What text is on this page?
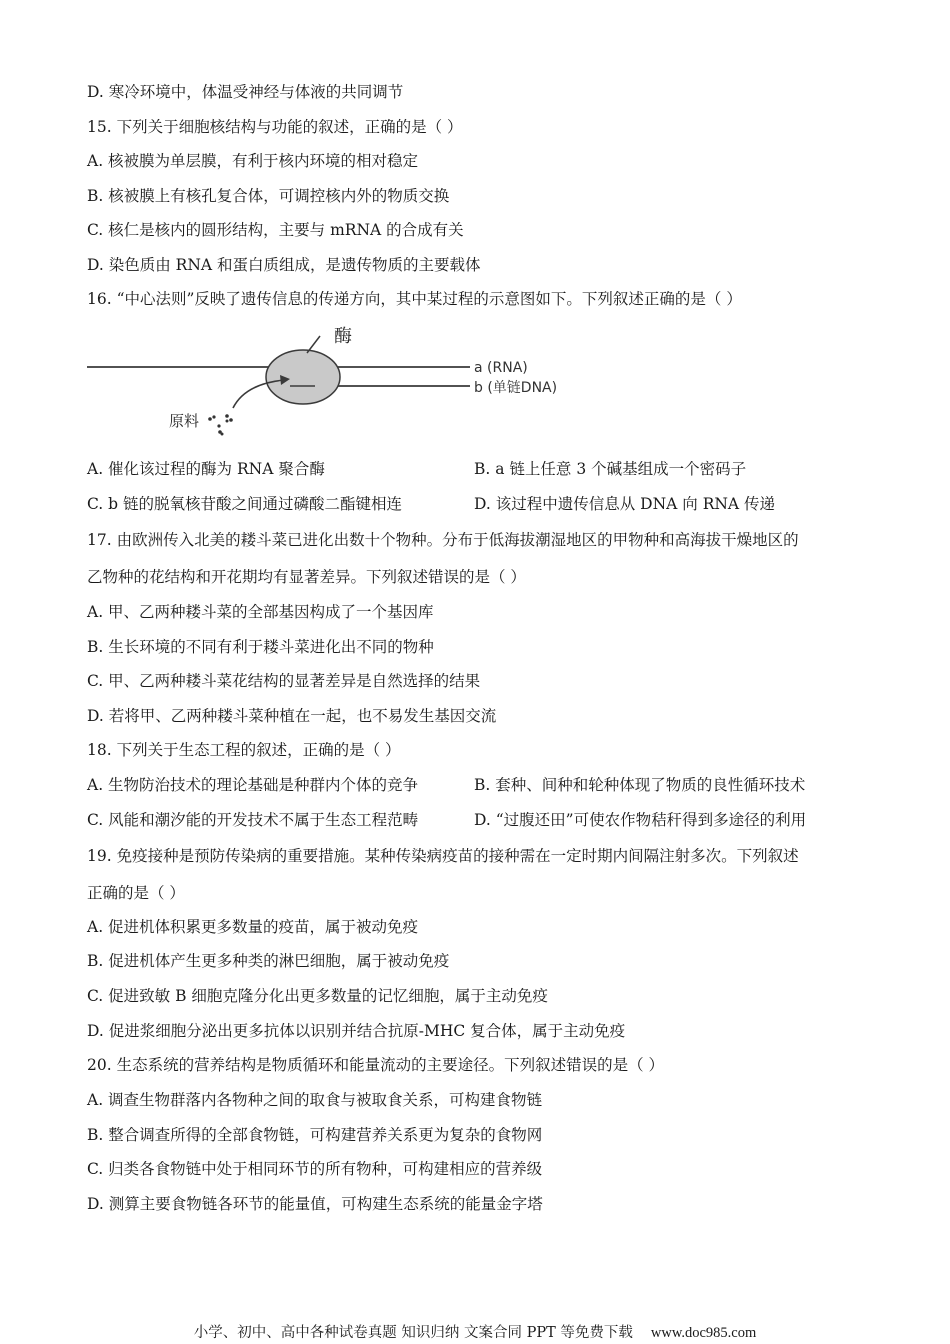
D. 寒冷环境中，体温受神经与体液的共同调节
15. 下列关于细胞核结构与功能的叙述，正确的是（ ）
A. 核被膜为单层膜，有利于核内环境的相对稳定
B. 核被膜上有核孔复合体，可调控核内外的物质交换
C. 核仁是核内的圆形结构，主要与 mRNA 的合成有关
D. 染色质由 RNA 和蛋白质组成，是遗传物质的主要载体
16. “中心法则”反映了遗传信息的传递方向，其中某过程的示意图如下。下列叙述正确的是（ ）
酶
a (RNA)
b (单链DNA)
原料
A. 催化该过程的酶为 RNA 聚合酶	B. a 链上任意 3 个碱基组成一个密码子
C. b 链的脱氧核苷酸之间通过磷酸二酯键相连	D. 该过程中遗传信息从 DNA 向 RNA 传递
17. 由欧洲传入北美的耧斗菜已进化出数十个物种。分布于低海拔潮湿地区的甲物种和高海拔干燥地区的
乙物种的花结构和开花期均有显著差异。下列叙述错误的是（ ）
A. 甲、乙两种耧斗菜的全部基因构成了一个基因库
B. 生长环境的不同有利于耧斗菜进化出不同的物种
C. 甲、乙两种耧斗菜花结构的显著差异是自然选择的结果
D. 若将甲、乙两种耧斗菜种植在一起，也不易发生基因交流
18. 下列关于生态工程的叙述，正确的是（ ）
A. 生物防治技术的理论基础是种群内个体的竞争	B. 套种、间种和轮种体现了物质的良性循环技术
C. 风能和潮汐能的开发技术不属于生态工程范畴	D. “过腹还田”可使农作物秸秆得到多途径的利用
19. 免疫接种是预防传染病的重要措施。某种传染病疫苗的接种需在一定时期内间隔注射多次。下列叙述
正确的是（ ）
A. 促进机体积累更多数量的疫苗，属于被动免疫
B. 促进机体产生更多种类的淋巴细胞，属于被动免疫
C. 促进致敏 B 细胞克隆分化出更多数量的记忆细胞，属于主动免疫
D. 促进浆细胞分泌出更多抗体以识别并结合抗原-MHC 复合体，属于主动免疫
20. 生态系统的营养结构是物质循环和能量流动的主要途径。下列叙述错误的是（ ）
A. 调查生物群落内各物种之间的取食与被取食关系，可构建食物链
B. 整合调查所得的全部食物链，可构建营养关系更为复杂的食物网
C. 归类各食物链中处于相同环节的所有物种，可构建相应的营养级
D. 测算主要食物链各环节的能量值，可构建生态系统的能量金字塔
小学、初中、高中各种试卷真题 知识归纳 文案合同 PPT 等免费下载 www.doc985.com
